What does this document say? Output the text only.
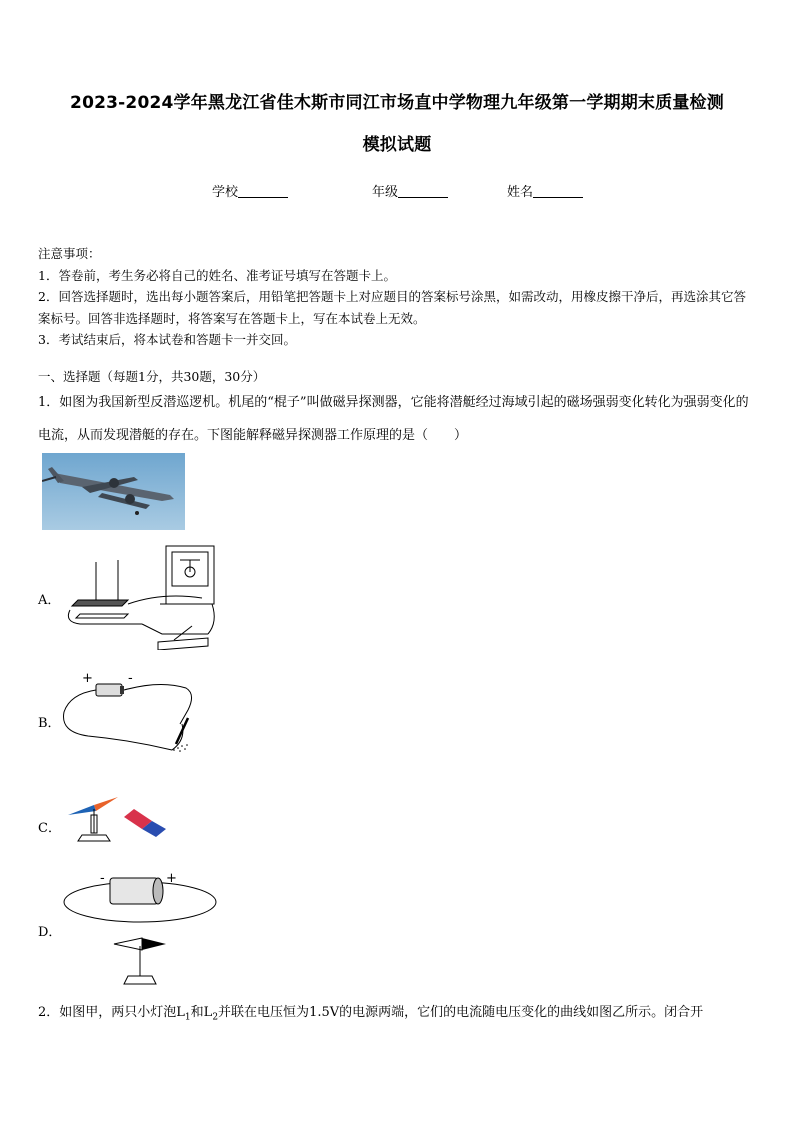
2023-2024学年黑龙江省佳木斯市同江市场直中学物理九年级第一学期期末质量检测
模拟试题
学校	年级	姓名

注意事项：

1．答卷前，考生务必将自己的姓名、准考证号填写在答题卡上。

2．回答选择题时，选出每小题答案后，用铅笔把答题卡上对应题目的答案标号涂黑，如需改动，用橡皮擦干净后，再选涂其它答案标号。回答非选择题时，将答案写在答题卡上，写在本试卷上无效。

3．考试结束后，将本试卷和答题卡一并交回。

一、选择题（每题1分，共30题，30分）
1．如图为我国新型反潜巡逻机。机尾的“棍子”叫做磁异探测器，它能将潜艇经过海域引起的磁场强弱变化转化为强弱变化的电流，从而发现潜艇的存在。下图能解释磁异探测器工作原理的是（　　）
A．
B．
+	-
C．
D．
-	+
2．如图甲，两只小灯泡$L_1$和$L_2$并联在电压恒为1.5V的电源两端，它们的电流随电压变化的曲线如图乙所示。闭合开
